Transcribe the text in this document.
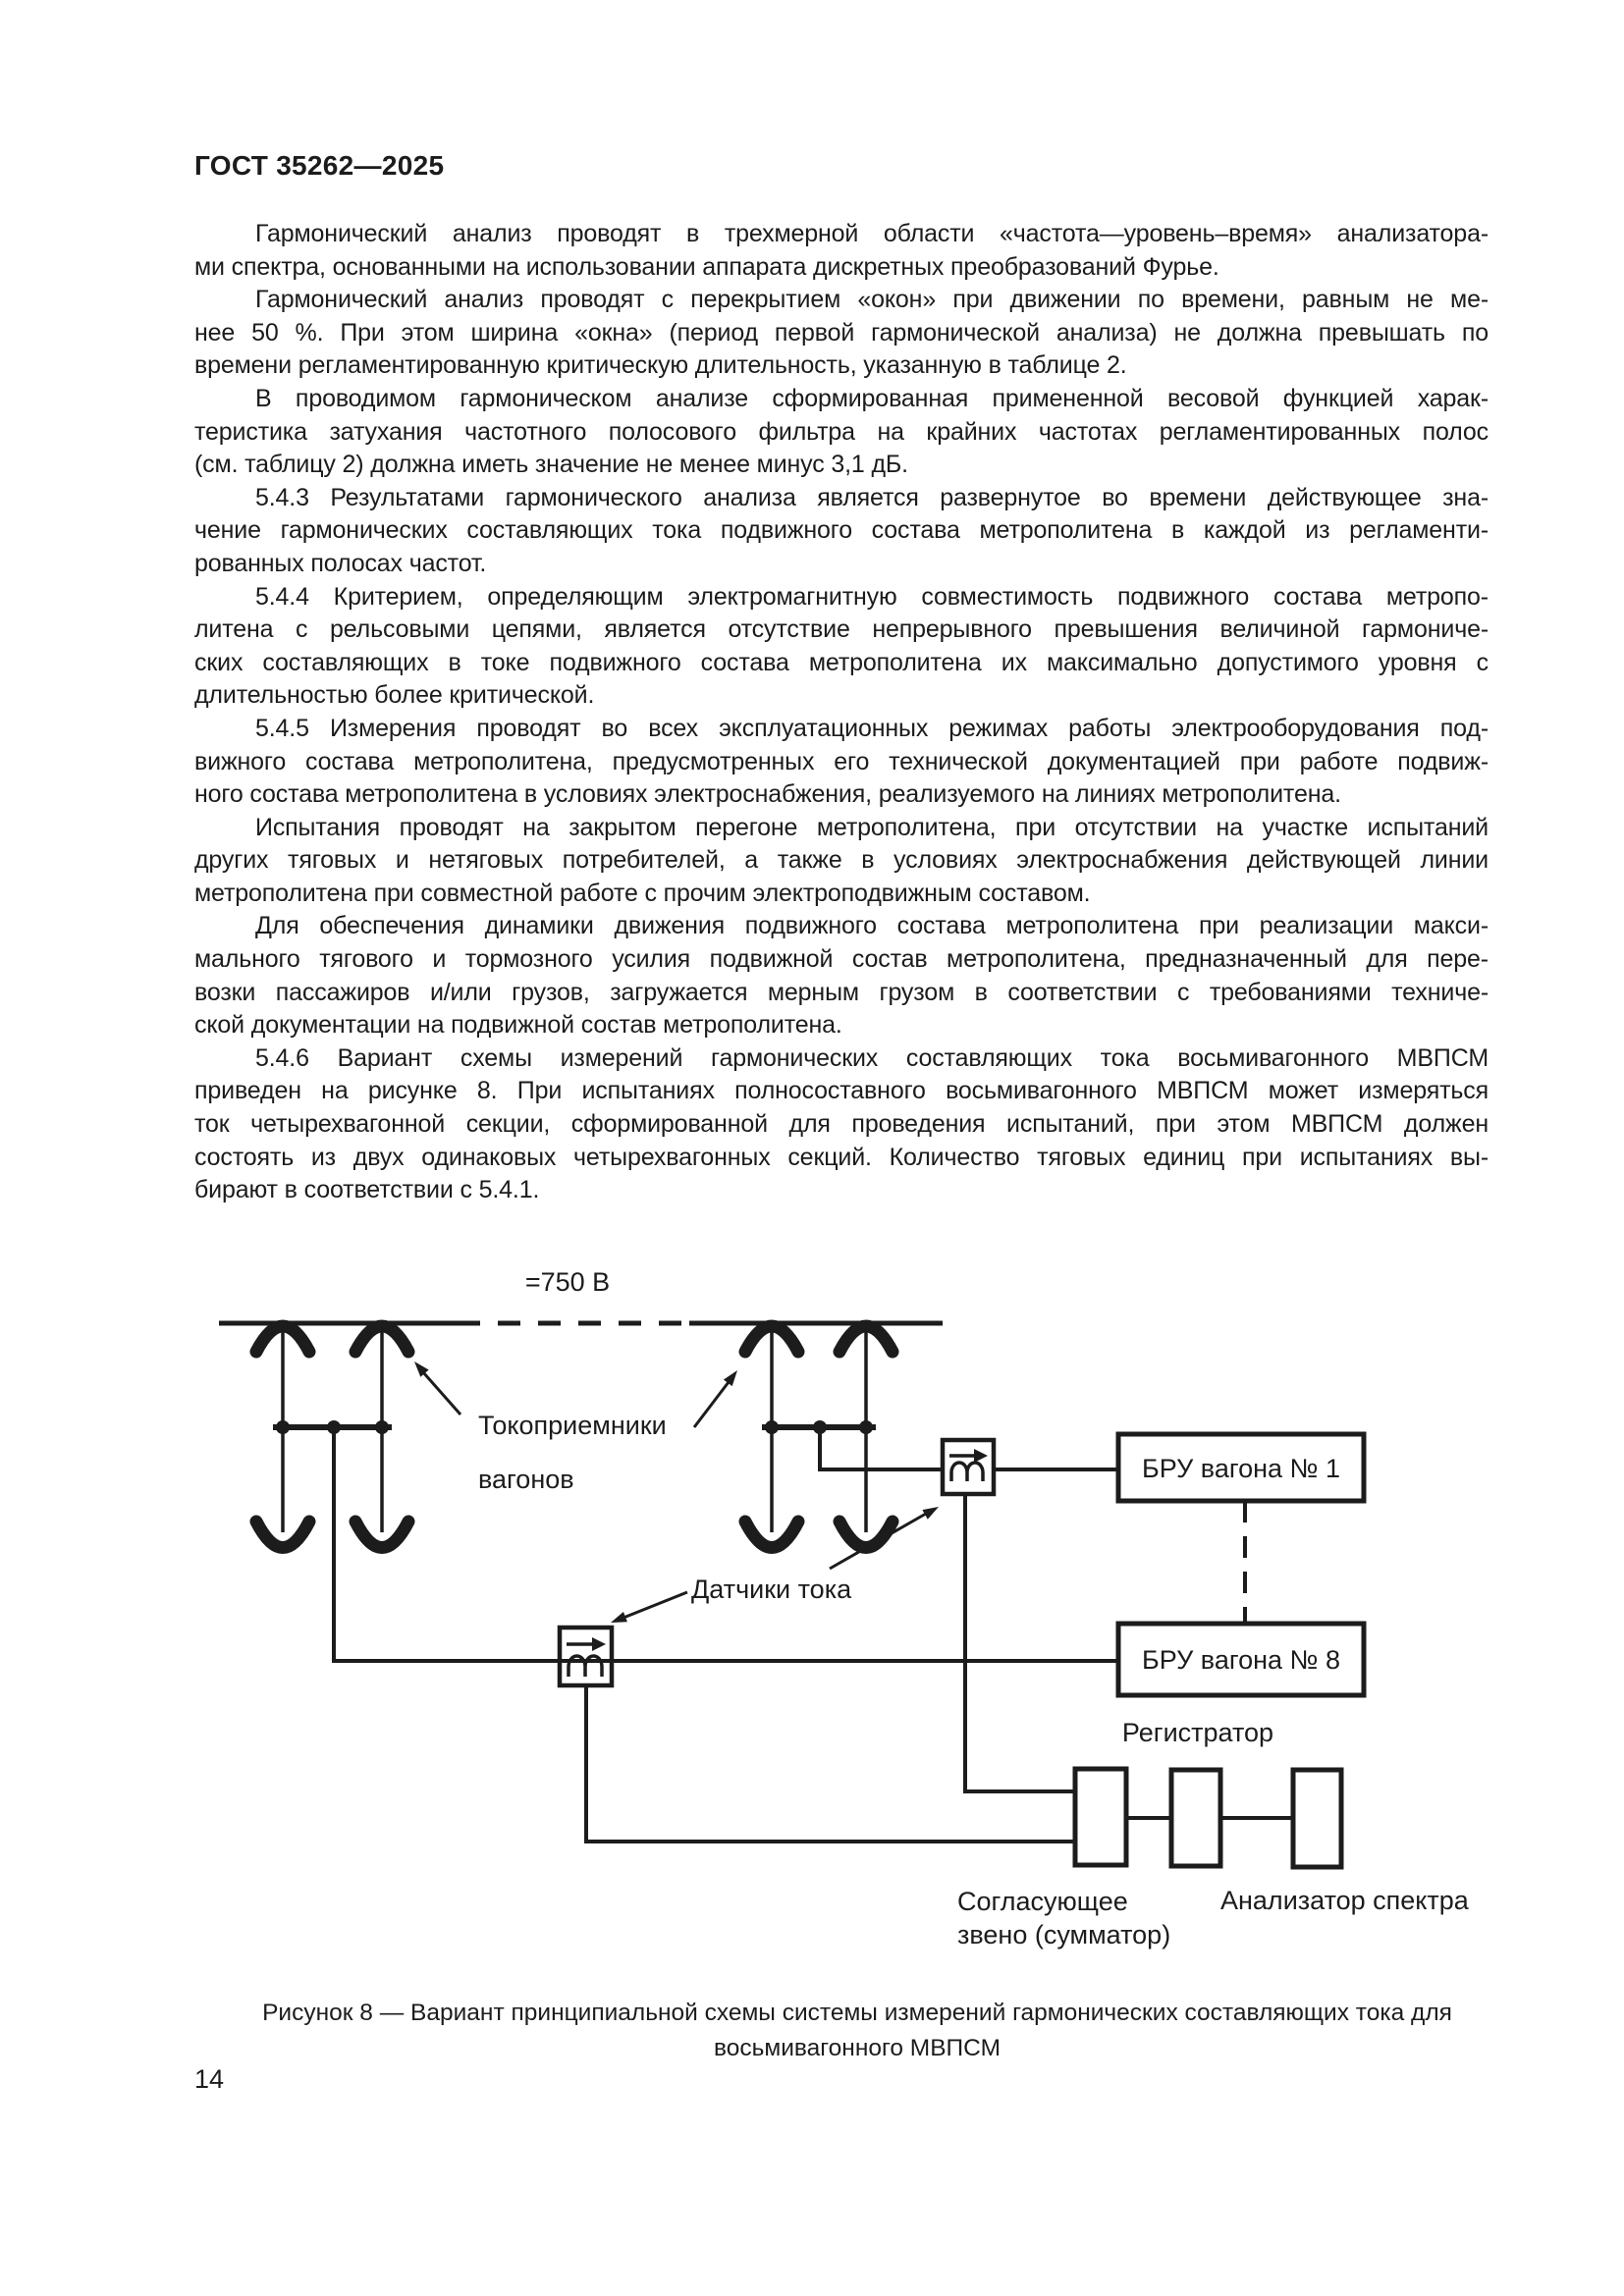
ГОСТ 35262—2025
Гармонический анализ проводят в трехмерной области «частота—уровень–время» анализатора-
ми спектра, основанными на использовании аппарата дискретных преобразований Фурье.
Гармонический анализ проводят с перекрытием «окон» при движении по времени, равным не ме-
нее 50 %. При этом ширина «окна» (период первой гармонической анализа) не должна превышать по
времени регламентированную критическую длительность, указанную в таблице 2.
В проводимом гармоническом анализе сформированная примененной весовой функцией харак-
теристика затухания частотного полосового фильтра на крайних частотах регламентированных полос
(см. таблицу 2) должна иметь значение не менее минус 3,1 дБ.
5.4.3 Результатами гармонического анализа является развернутое во времени действующее зна-
чение гармонических составляющих тока подвижного состава метрополитена в каждой из регламенти-
рованных полосах частот.
5.4.4 Критерием, определяющим электромагнитную совместимость подвижного состава метропо-
литена с рельсовыми цепями, является отсутствие непрерывного превышения величиной гармониче-
ских составляющих в токе подвижного состава метрополитена их максимально допустимого уровня с
длительностью более критической.
5.4.5 Измерения проводят во всех эксплуатационных режимах работы электрооборудования под-
вижного состава метрополитена, предусмотренных его технической документацией при работе подвиж-
ного состава метрополитена в условиях электроснабжения, реализуемого на линиях метрополитена.
Испытания проводят на закрытом перегоне метрополитена, при отсутствии на участке испытаний
других тяговых и нетяговых потребителей, а также в условиях электроснабжения действующей линии
метрополитена при совместной работе с прочим электроподвижным составом.
Для обеспечения динамики движения подвижного состава метрополитена при реализации макси-
мального тягового и тормозного усилия подвижной состав метрополитена, предназначенный для пере-
возки пассажиров и/или грузов, загружается мерным грузом в соответствии с требованиями техниче-
ской документации на подвижной состав метрополитена.
5.4.6 Вариант схемы измерений гармонических составляющих тока восьмивагонного МВПСМ
приведен на рисунке 8. При испытаниях полносоставного восьмивагонного МВПСМ может измеряться
ток четырехвагонной секции, сформированной для проведения испытаний, при этом МВПСМ должен
состоять из двух одинаковых четырехвагонных секций. Количество тяговых единиц при испытаниях вы-
бирают в соответствии с 5.4.1.
=750 В
БРУ вагона № 1
БРУ вагона № 8
Токоприемники
вагонов
Датчики тока
Регистратор
Согласующее
звено (сумматор)
Анализатор спектра
Рисунок 8 — Вариант принципиальной схемы системы измерений гармонических составляющих тока для
восьмивагонного МВПСМ
14
